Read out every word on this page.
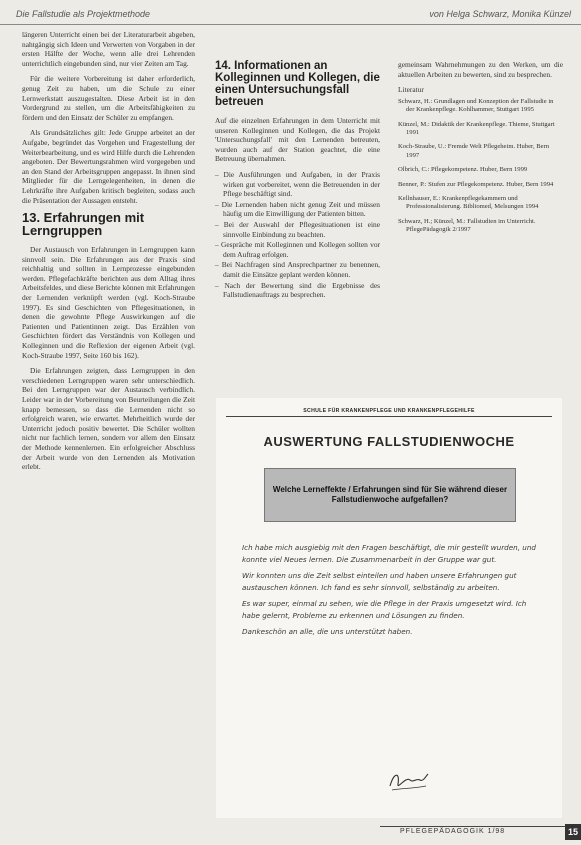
Die Fallstudie als Projektmethode	von Helga Schwarz, Monika Künzel

längeren Unterricht einen bei der Literaturarbeit abgeben, nahtgängig sich Ideen und Verwerten von Vorgaben in der ersten Hälfte der Woche, wenn alle drei Lehrenden unterrichtlich eingebunden sind, nur vier Zeiten am Tag.

Für die weitere Vorbereitung ist daher erforderlich, genug Zeit zu haben, um die Schule zu einer Lernwerkstatt auszugestalten. Diese Arbeit ist in den Vordergrund zu stellen, um die Arbeitsfähigkeiten zu fördern und den Einsatz der Schüler zu empfangen.

Als Grundsätzliches gilt: Jede Gruppe arbeitet an der Aufgabe, begründet das Vorgehen und Fragestellung der Weiterbearbeitung, und es wird Hilfe durch die Lehrenden angeboten. Der Bewertungsrahmen wird vorgegeben und an den Stand der Arbeitsgruppen angepasst. In ihnen sind Mitglieder für die Lerngelegenheiten, in denen die Lehrkräfte ihre Aufgaben kritisch begleiten, sodass auch die Präsentation der Aussagen entsteht.

13. Erfahrungen mit Lerngruppen

Der Austausch von Erfahrungen in Lerngruppen kann sinnvoll sein. Die Erfahrungen aus der Praxis sind reichhaltig und sollten in Lernprozesse eingebunden werden. Pflegefachkräfte berichten aus dem Alltag ihres Arbeitsfeldes, und diese Berichte können mit Erfahrungen der Lernenden verknüpft werden (vgl. Koch-Straube 1997). Es sind Geschichten von Pflegesituationen, in denen die gewohnte Pflege Auswirkungen auf die Patienten und Patientinnen zeigt. Das Erzählen von Geschichten fördert das Verständnis von Kollegen und Kolleginnen und die Reflexion der eigenen Arbeit (vgl. Koch-Straube 1997, Seite 160 bis 162).

Die Erfahrungen zeigten, dass Lerngruppen in den verschiedenen Lerngruppen waren sehr unterschiedlich. Bei den Lerngruppen war der Austausch verbindlich. Leider war in der Vorbereitung von Beurteilungen die Zeit knapp bemessen, so dass die Lernenden nicht so erfolgreich waren, wie erwartet. Mehrheitlich wurde der Unterricht jedoch positiv bewertet. Die Schüler wollten nicht nur fachlich lernen, sondern vor allem den Einsatz der Methode kennenlernen. Ein erfolgreicher Abschluss der Arbeit wurde von den Lernenden als Motivation erlebt.

14. Informationen an Kolleginnen und Kollegen, die einen Untersuchungsfall betreuen

Auf die einzelnen Erfahrungen in dem Unterricht mit unseren Kolleginnen und Kollegen, die das Projekt 'Untersuchungsfall' mit den Lernenden betreuten, wurden auch auf der Station geachtet, die eine Betreuung übernahmen.

– Die Ausführungen und Aufgaben, in der Praxis wirken gut vorbereitet, wenn die Betreuenden in der Pflege beschäftigt sind.
– Die Lernenden haben nicht genug Zeit und müssen häufig um die Einwilligung der Patienten bitten.
– Bei der Auswahl der Pflegesituationen ist eine sinnvolle Einbindung zu beachten.
– Gespräche mit Kolleginnen und Kollegen sollten vor dem Auftrag erfolgen.
– Bei Nachfragen sind Ansprechpartner zu benennen, damit die Einsätze geplant werden können.
– Nach der Bewertung sind die Ergebnisse des Fallstudienauftrags zu besprechen.

gemeinsam Wahrnehmungen zu den Werken, um die aktuellen Arbeiten zu bewerten, sind zu besprechen.

Literatur
Schwarz, H.: Grundlagen und Konzeption der Fallstudie in der Krankenpflege. Kohlhammer, Stuttgart 1995
Künzel, M.: Didaktik der Krankenpflege. Thieme, Stuttgart 1991
Koch-Straube, U.: Fremde Welt Pflegeheim. Huber, Bern 1997
Olbrich, C.: Pflegekompetenz. Huber, Bern 1999
Benner, P.: Stufen zur Pflegekompetenz. Huber, Bern 1994
Kellnhauser, E.: Krankenpflegekammern und Professionalisierung. Bibliomed, Melsungen 1994
Schwarz, H.; Künzel, M.: Fallstudien im Unterricht. PflegePädagogik 2/1997
SCHULE FÜR KRANKENPFLEGE UND KRANKENPFLEGEHILFE
AUSWERTUNG FALLSTUDIENWOCHE
Welche Lerneffekte / Erfahrungen sind für Sie während dieser Fallstudienwoche aufgefallen?

Ich habe mich ausgiebig mit den Fragen beschäftigt, die mir gestellt wurden, und konnte viel Neues lernen. Die Zusammenarbeit in der Gruppe war gut.

Wir konnten uns die Zeit selbst einteilen und haben unsere Erfahrungen gut austauschen können. Ich fand es sehr sinnvoll, selbständig zu arbeiten.

Es war super, einmal zu sehen, wie die Pflege in der Praxis umgesetzt wird. Ich habe gelernt, Probleme zu erkennen und Lösungen zu finden.

Dankeschön an alle, die uns unterstützt haben.

PFLEGEPÄDAGOGIK 1/98	15
